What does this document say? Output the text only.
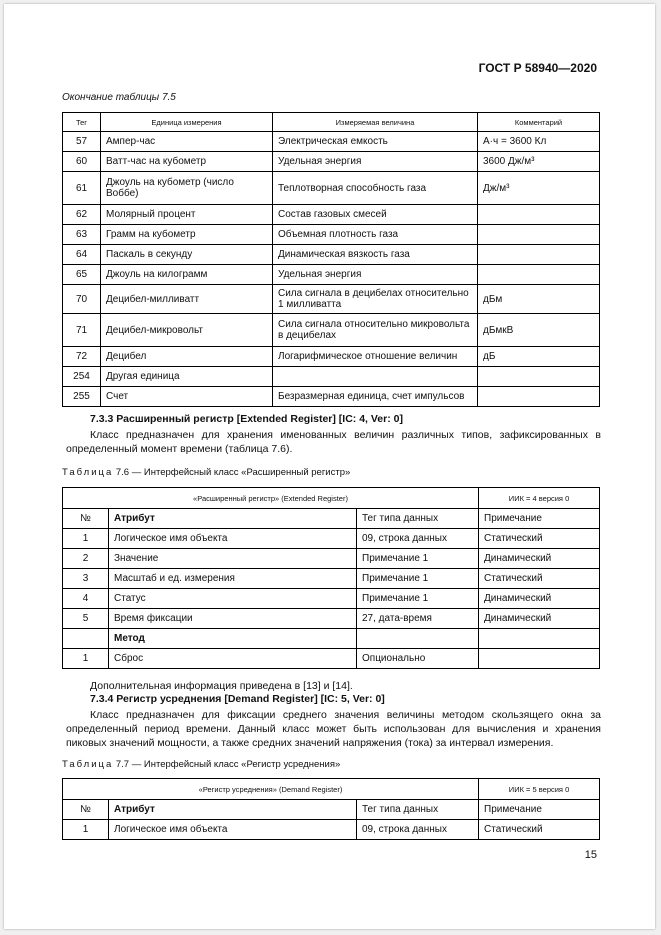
ГОСТ Р 58940—2020
Окончание таблицы 7.5
Тег	Единица измерения	Измеряемая величина	Комментарий
57	Ампер-час	Электрическая емкость	А·ч = 3600 Кл
60	Ватт-час на кубометр	Удельная энергия	3600 Дж/м³
61	Джоуль на кубометр (число Воббе)	Теплотворная способность газа	Дж/м³
62	Молярный процент	Состав газовых смесей	
63	Грамм на кубометр	Объемная плотность газа	
64	Паскаль в секунду	Динамическая вязкость газа	
65	Джоуль на килограмм	Удельная энергия	
70	Децибел-милливатт	Сила сигнала в децибелах относительно 1 милливатта	дБм
71	Децибел-микровольт	Сила сигнала относительно микровольта в децибелах	дБмкВ
72	Децибел	Логарифмическое отношение величин	дБ
254	Другая единица		
255	Счет	Безразмерная единица, счет импульсов	
7.3.3 Расширенный регистр [Extended Register] [IC: 4, Ver: 0]
Класс предназначен для хранения именованных величин различных типов, зафиксированных в определенный момент времени (таблица 7.6).
Таблица 7.6 — Интерфейсный класс «Расширенный регистр»
«Расширенный регистр» (Extended Register)			ИИК = 4 версия 0
№	Атрибут	Тег типа данных	Примечание
1	Логическое имя объекта	09, строка данных	Статический
2	Значение	Примечание 1	Динамический
3	Масштаб и ед. измерения	Примечание 1	Статический
4	Статус	Примечание 1	Динамический
5	Время фиксации	27, дата-время	Динамический
	Метод		
1	Сброс	Опционально	
Дополнительная информация приведена в [13] и [14].
7.3.4 Регистр усреднения [Demand Register] [IC: 5, Ver: 0]
Класс предназначен для фиксации среднего значения величины методом скользящего окна за определенный период времени. Данный класс может быть использован для вычисления и хранения пиковых значений мощности, а также средних значений напряжения (тока) за интервал измерения.
Таблица 7.7 — Интерфейсный класс «Регистр усреднения»
«Регистр усреднения» (Demand Register)			ИИК = 5 версия 0
№	Атрибут	Тег типа данных	Примечание
1	Логическое имя объекта	09, строка данных	Статический
15
